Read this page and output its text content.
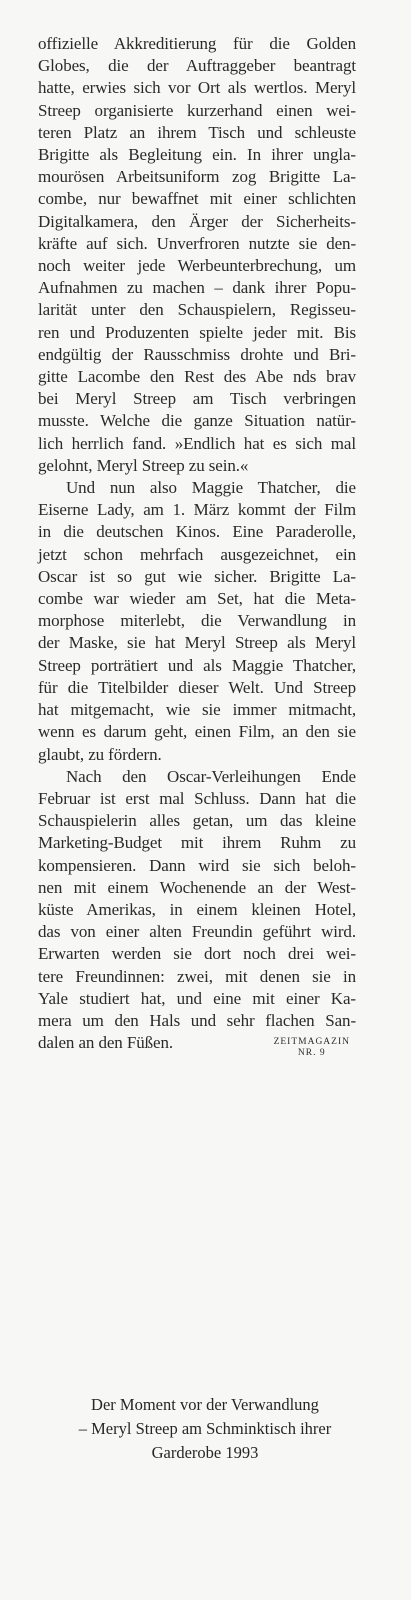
offizielle Akkreditierung für die Golden
Globes, die der Auftraggeber beantragt
hatte, erwies sich vor Ort als wertlos. Meryl
Streep organisierte kurzerhand einen wei-
teren Platz an ihrem Tisch und schleuste
Brigitte als Begleitung ein. In ihrer ungla-
mourösen Arbeitsuniform zog Brigitte La-
combe, nur bewaffnet mit einer schlichten
Digitalkamera, den Ärger der Sicherheits-
kräfte auf sich. Unverfroren nutzte sie den-
noch weiter jede Werbeunterbrechung, um
Aufnahmen zu machen – dank ihrer Popu-
larität unter den Schauspielern, Regisseu-
ren und Produzenten spielte jeder mit. Bis
endgültig der Rausschmiss drohte und Bri-
gitte Lacombe den Rest des Abe nds brav
bei Meryl Streep am Tisch verbringen
musste. Welche die ganze Situation natür-
lich herrlich fand. »Endlich hat es sich mal
gelohnt, Meryl Streep zu sein.«

Und nun also Maggie Thatcher, die
Eiserne Lady, am 1. März kommt der Film
in die deutschen Kinos. Eine Paraderolle,
jetzt schon mehrfach ausgezeichnet, ein
Oscar ist so gut wie sicher. Brigitte La-
combe war wieder am Set, hat die Meta-
morphose miterlebt, die Verwandlung in
der Maske, sie hat Meryl Streep als Meryl
Streep porträtiert und als Maggie Thatcher,
für die Titelbilder dieser Welt. Und Streep
hat mitgemacht, wie sie immer mitmacht,
wenn es darum geht, einen Film, an den sie
glaubt, zu fördern.

Nach den Oscar-Verleihungen Ende
Februar ist erst mal Schluss. Dann hat die
Schauspielerin alles getan, um das kleine
Marketing-Budget mit ihrem Ruhm zu
kompensieren. Dann wird sie sich beloh-
nen mit einem Wochenende an der West-
küste Amerikas, in einem kleinen Hotel,
das von einer alten Freundin geführt wird.
Erwarten werden sie dort noch drei wei-
tere Freundinnen: zwei, mit denen sie in
Yale studiert hat, und eine mit einer Ka-
mera um den Hals und sehr flachen San-
dalen an den Füßen.	ZEITMAGAZIN
NR. 9

Der Moment vor der Verwandlung
– Meryl Streep am Schminktisch ihrer
Garderobe 1993
